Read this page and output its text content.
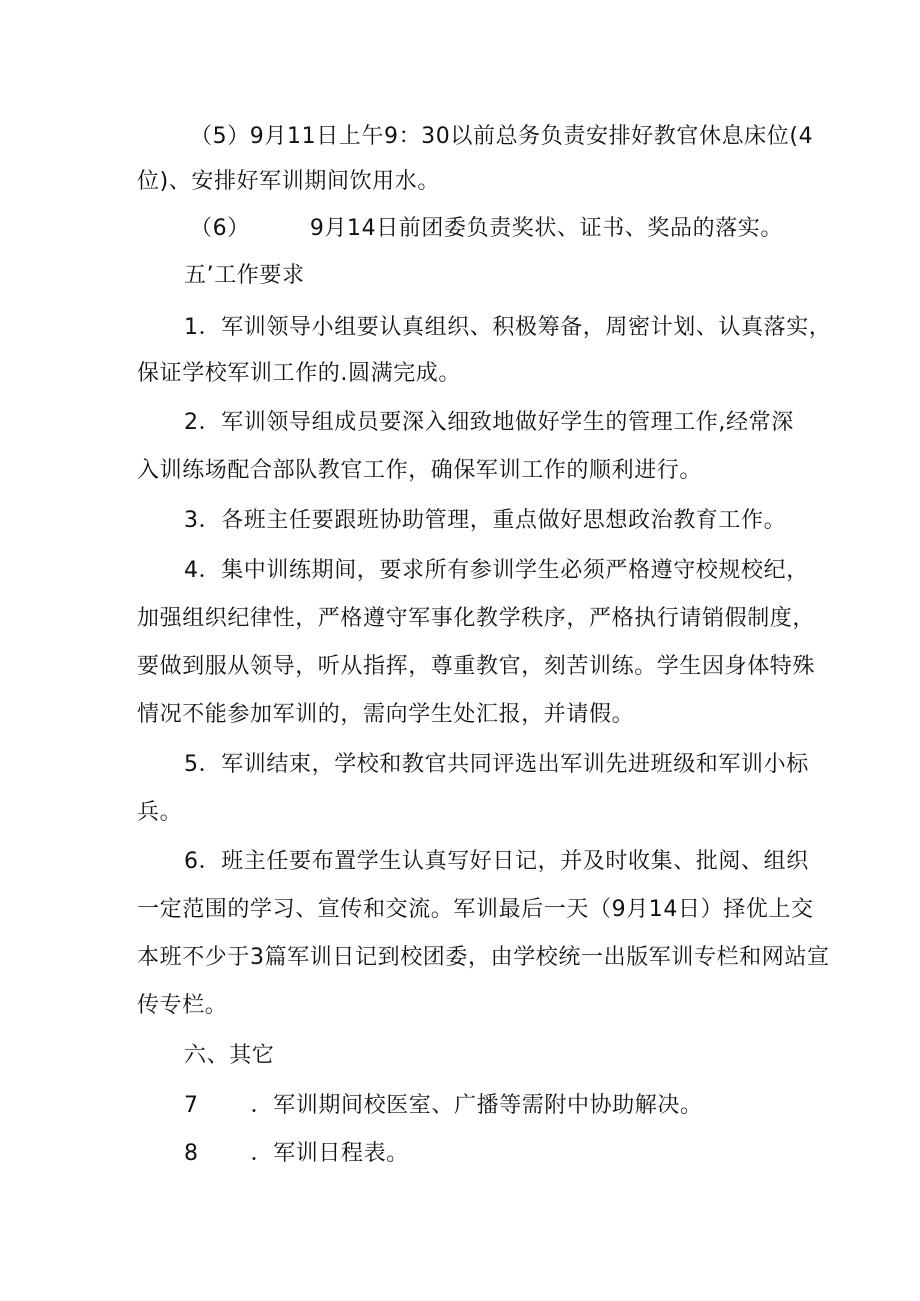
（5）9月11日上午9：30以前总务负责安排好教官休息床位(4
位)、安排好军训期间饮用水。
（6）	9月14日前团委负责奖状、证书、奖品的落实。
五’工作要求
1．军训领导小组要认真组织、积极筹备，周密计划、认真落实，
保证学校军训工作的.圆满完成。
2．军训领导组成员要深入细致地做好学生的管理工作,经常深
入训练场配合部队教官工作，确保军训工作的顺利进行。
3．各班主任要跟班协助管理，重点做好思想政治教育工作。
4．集中训练期间，要求所有参训学生必须严格遵守校规校纪，
加强组织纪律性，严格遵守军事化教学秩序，严格执行请销假制度，
要做到服从领导，听从指挥，尊重教官，刻苦训练。学生因身体特殊
情况不能参加军训的，需向学生处汇报，并请假。
5．军训结束，学校和教官共同评选出军训先进班级和军训小标
兵。
6．班主任要布置学生认真写好日记，并及时收集、批阅、组织
一定范围的学习、宣传和交流。军训最后一天（9月14日）择优上交
本班不少于3篇军训日记到校团委，由学校统一出版军训专栏和网站宣
传专栏。
六、其它
7 ．军训期间校医室、广播等需附中协助解决。
8 ．军训日程表。
